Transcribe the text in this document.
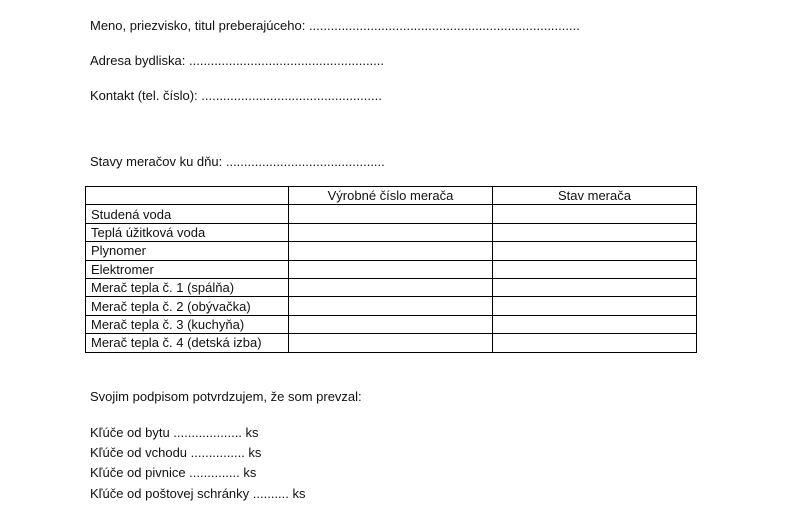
Meno, priezvisko, titul preberajúceho: ...........................................................................
Adresa bydliska: ......................................................
Kontakt (tel. číslo): ..................................................
Stavy meračov ku dňu: ............................................
	Výrobné číslo merača	Stav merača
Studená voda		
Teplá úžitková voda		
Plynomer		
Elektromer		
Merač tepla č. 1 (spálňa)		
Merač tepla č. 2 (obývačka)		
Merač tepla č. 3 (kuchyňa)		
Merač tepla č. 4 (detská izba)		
Svojim podpisom potvrdzujem, že som prevzal:
Kľúče od bytu ................... ks
Kľúče od vchodu ............... ks
Kľúče od pivnice .............. ks
Kľúče od poštovej schránky .......... ks
